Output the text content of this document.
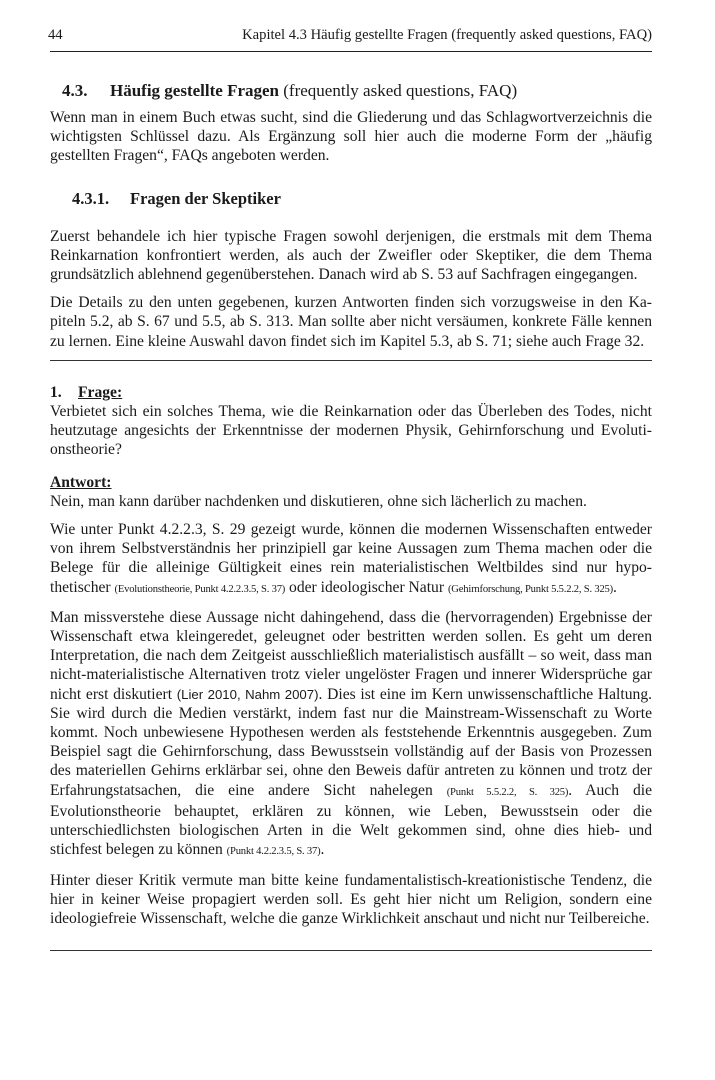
44	Kapitel 4.3 Häufig gestellte Fragen (frequently asked questions, FAQ)
4.3. Häufig gestellte Fragen (frequently asked questions, FAQ)

Wenn man in einem Buch etwas sucht, sind die Gliederung und das Schlagwortverzeichnis die wichtigsten Schlüssel dazu. Als Ergänzung soll hier auch die moderne Form der „häufig gestellten Fragen“, FAQs angeboten werden.

4.3.1. Fragen der Skeptiker

Zuerst behandele ich hier typische Fragen sowohl derjenigen, die erstmals mit dem Thema Reinkarnation konfrontiert werden, als auch der Zweifler oder Skeptiker, die dem Thema grundsätzlich ablehnend gegenüberstehen. Danach wird ab S. 53 auf Sachfragen eingegangen.

Die Details zu den unten gegebenen, kurzen Antworten finden sich vorzugsweise in den Kapiteln 5.2, ab S. 67 und 5.5, ab S. 313. Man sollte aber nicht versäumen, konkrete Fälle kennen zu lernen. Eine kleine Auswahl davon findet sich im Kapitel 5.3, ab S. 71; siehe auch Frage 32.

1. Frage:

Verbietet sich ein solches Thema, wie die Reinkarnation oder das Überleben des Todes, nicht heutzutage angesichts der Erkenntnisse der modernen Physik, Gehirnforschung und Evolutionstheorie?

Antwort:

Nein, man kann darüber nachdenken und diskutieren, ohne sich lächerlich zu machen.

Wie unter Punkt 4.2.2.3, S. 29 gezeigt wurde, können die modernen Wissenschaften entweder von ihrem Selbstverständnis her prinzipiell gar keine Aussagen zum Thema machen oder die Belege für die alleinige Gültigkeit eines rein materialistischen Weltbildes sind nur hypothetischer (Evolutionstheorie, Punkt 4.2.2.3.5, S. 37) oder ideologischer Natur (Gehirnforschung, Punkt 5.5.2.2, S. 325).

Man missverstehe diese Aussage nicht dahingehend, dass die (hervorragenden) Ergebnisse der Wissenschaft etwa kleingeredet, geleugnet oder bestritten werden sollen. Es geht um deren Interpretation, die nach dem Zeitgeist ausschließlich materialistisch ausfällt – so weit, dass man nicht-materialistische Alternativen trotz vieler ungelöster Fragen und innerer Widersprüche gar nicht erst diskutiert (Lier 2010, Nahm 2007). Dies ist eine im Kern unwissenschaftliche Haltung. Sie wird durch die Medien verstärkt, indem fast nur die Mainstream-Wissenschaft zu Worte kommt. Noch unbewiesene Hypothesen werden als feststehende Erkenntnis ausgegeben. Zum Beispiel sagt die Gehirnforschung, dass Bewusstsein vollständig auf der Basis von Prozessen des materiellen Gehirns erklärbar sei, ohne den Beweis dafür antreten zu können und trotz der Erfahrungstatsachen, die eine andere Sicht nahelegen (Punkt 5.5.2.2, S. 325). Auch die Evolutionstheorie behauptet, erklären zu können, wie Leben, Bewusstsein oder die unterschiedlichsten biologischen Arten in die Welt gekommen sind, ohne dies hieb- und stichfest belegen zu können (Punkt 4.2.2.3.5, S. 37).

Hinter dieser Kritik vermute man bitte keine fundamentalistisch-kreationistische Tendenz, die hier in keiner Weise propagiert werden soll. Es geht hier nicht um Religion, sondern eine ideologiefreie Wissenschaft, welche die ganze Wirklichkeit anschaut und nicht nur Teilbereiche.
